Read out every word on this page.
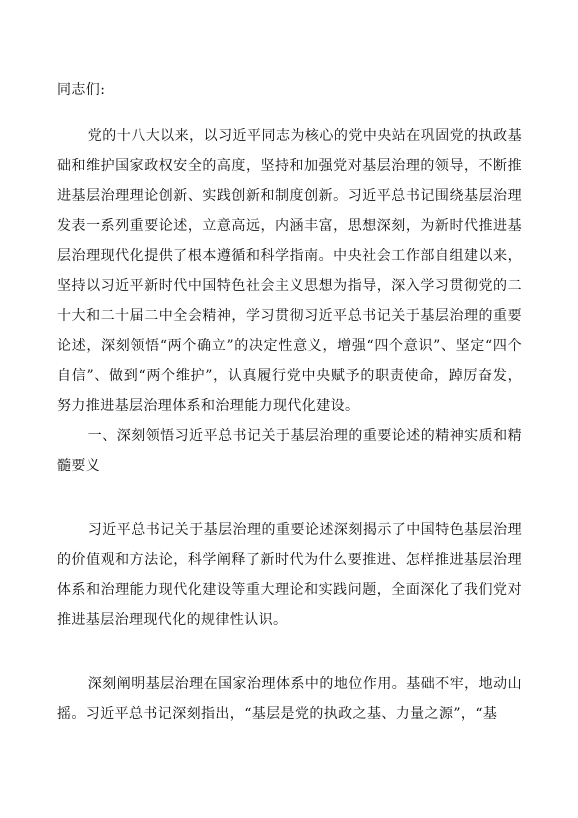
同志们:

党的十八大以来，以习近平同志为核心的党中央站在巩固党的执政基础和维护国家政权安全的高度，坚持和加强党对基层治理的领导，不断推进基层治理理论创新、实践创新和制度创新。习近平总书记围绕基层治理发表一系列重要论述，立意高远，内涵丰富，思想深刻，为新时代推进基层治理现代化提供了根本遵循和科学指南。中央社会工作部自组建以来，坚持以习近平新时代中国特色社会主义思想为指导，深入学习贯彻党的二十大和二十届二中全会精神，学习贯彻习近平总书记关于基层治理的重要论述，深刻领悟“两个确立”的决定性意义，增强“四个意识”、坚定“四个自信”、做到“两个维护”，认真履行党中央赋予的职责使命，踔厉奋发，努力推进基层治理体系和治理能力现代化建设。

一、深刻领悟习近平总书记关于基层治理的重要论述的精神实质和精髓要义

习近平总书记关于基层治理的重要论述深刻揭示了中国特色基层治理的价值观和方法论，科学阐释了新时代为什么要推进、怎样推进基层治理体系和治理能力现代化建设等重大理论和实践问题，全面深化了我们党对推进基层治理现代化的规律性认识。

深刻阐明基层治理在国家治理体系中的地位作用。基础不牢，地动山摇。习近平总书记深刻指出，“基层是党的执政之基、力量之源”，“基
